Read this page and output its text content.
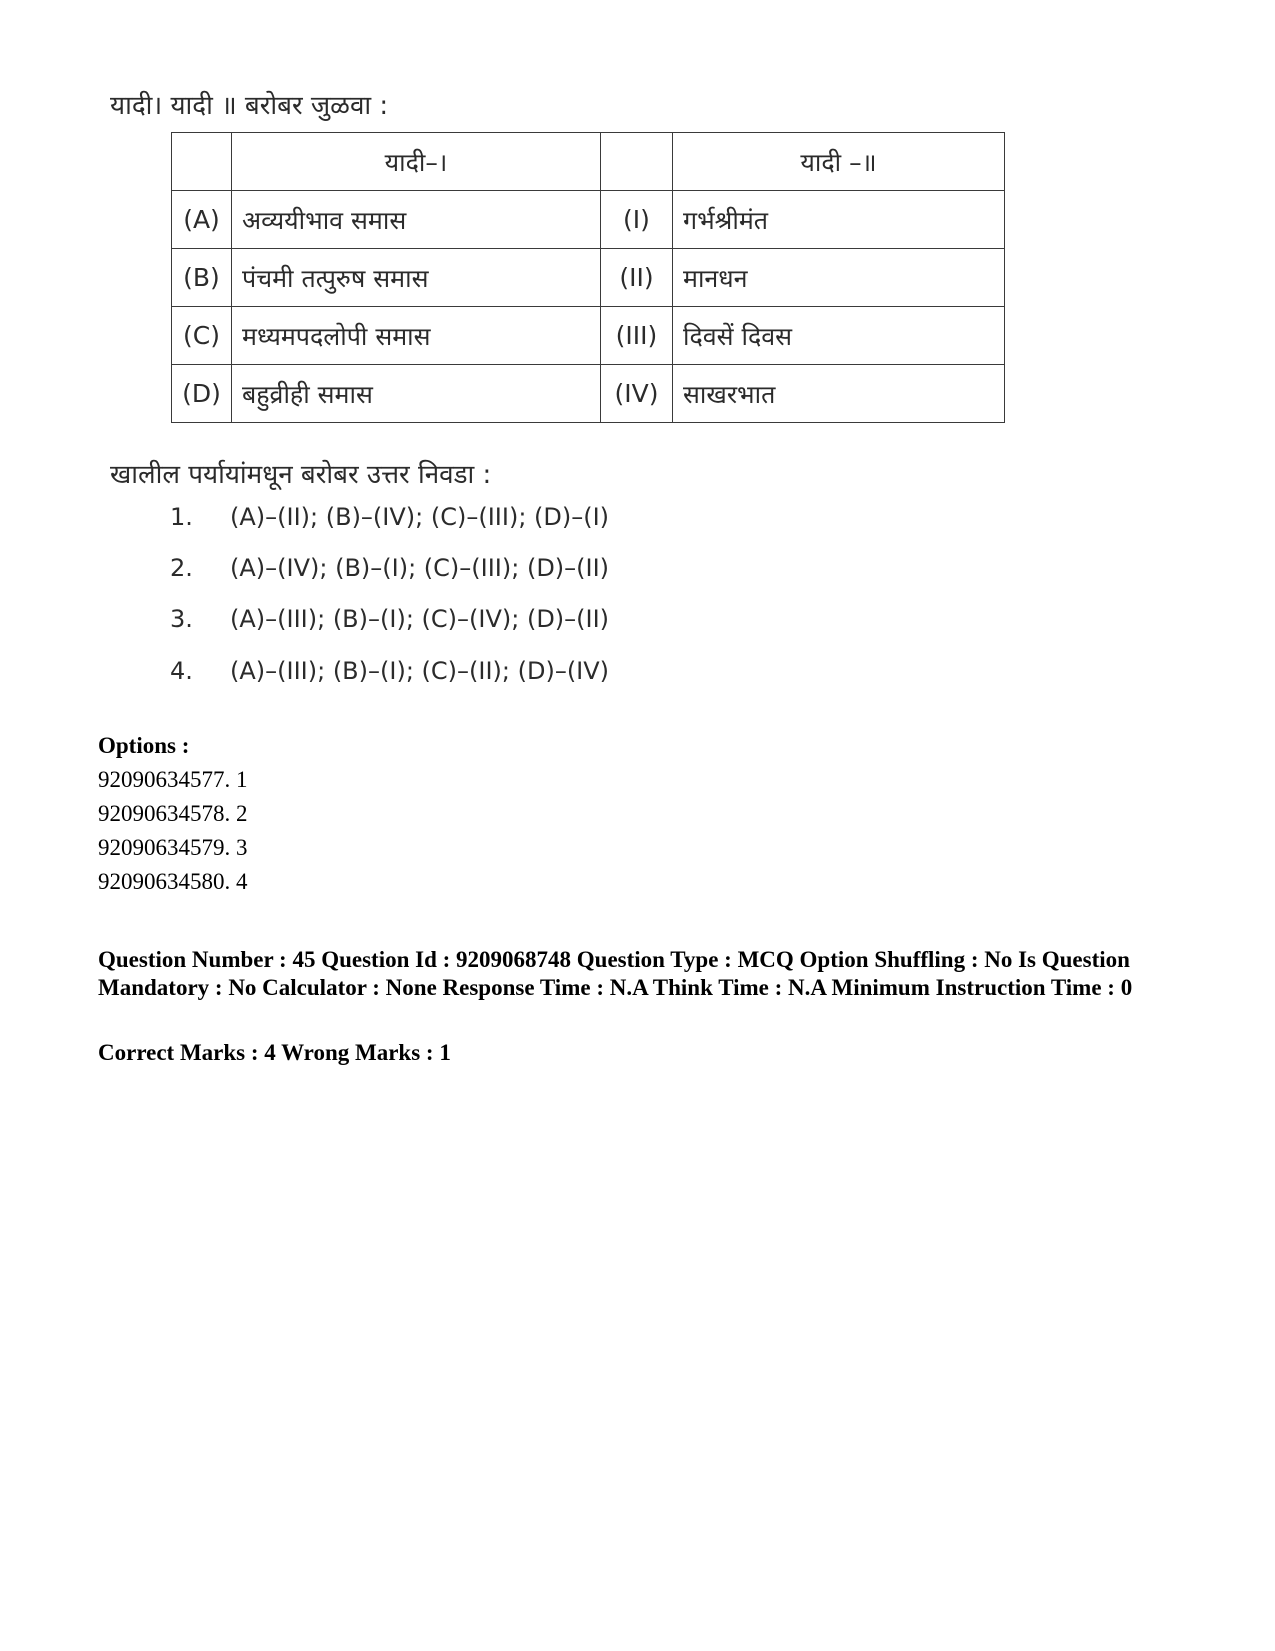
यादी। यादी ॥ बरोबर जुळवा :
	यादी–।		यादी –॥
(A)	अव्ययीभाव समास	(I)	गर्भश्रीमंत
(B)	पंचमी तत्पुरुष समास	(II)	मानधन
(C)	मध्यमपदलोपी समास	(III)	दिवसें दिवस
(D)	बहुव्रीही समास	(IV)	साखरभात
खालील पर्यायांमधून बरोबर उत्तर निवडा :
1. (A)–(II); (B)–(IV); (C)–(III); (D)–(I)
2. (A)–(IV); (B)–(I); (C)–(III); (D)–(II)
3. (A)–(III); (B)–(I); (C)–(IV); (D)–(II)
4. (A)–(III); (B)–(I); (C)–(II); (D)–(IV)
Options :
92090634577. 1
92090634578. 2
92090634579. 3
92090634580. 4
Question Number : 45 Question Id : 9209068748 Question Type : MCQ Option Shuffling : No Is Question Mandatory : No Calculator : None Response Time : N.A Think Time : N.A Minimum Instruction Time : 0
Correct Marks : 4 Wrong Marks : 1
